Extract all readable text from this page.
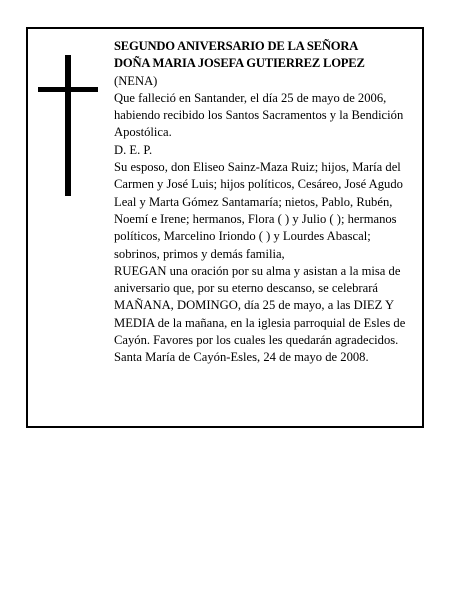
SEGUNDO ANIVERSARIO DE LA SEÑORA

DOÑA MARIA JOSEFA GUTIERREZ LOPEZ

(NENA)

Que falleció en Santander, el día 25 de mayo de 2006, habiendo recibido los Santos Sacramentos y la Bendición Apostólica.

D. E. P.

Su esposo, don Eliseo Sainz-Maza Ruiz; hijos, María del Carmen y José Luis; hijos políticos, Cesáreo, José Agudo Leal y Marta Gómez Santamaría; nietos, Pablo, Rubén, Noemí e Irene; hermanos, Flora ( ) y Julio ( ); hermanos políticos, Marcelino Iriondo ( ) y Lourdes Abascal; sobrinos, primos y demás familia,

RUEGAN una oración por su alma y asistan a la misa de aniversario que, por su eterno descanso, se celebrará MAÑANA, DOMINGO, día 25 de mayo, a las DIEZ Y MEDIA de la mañana, en la iglesia parroquial de Esles de Cayón. Favores por los cuales les quedarán agradecidos.

Santa María de Cayón-Esles, 24 de mayo de 2008.
